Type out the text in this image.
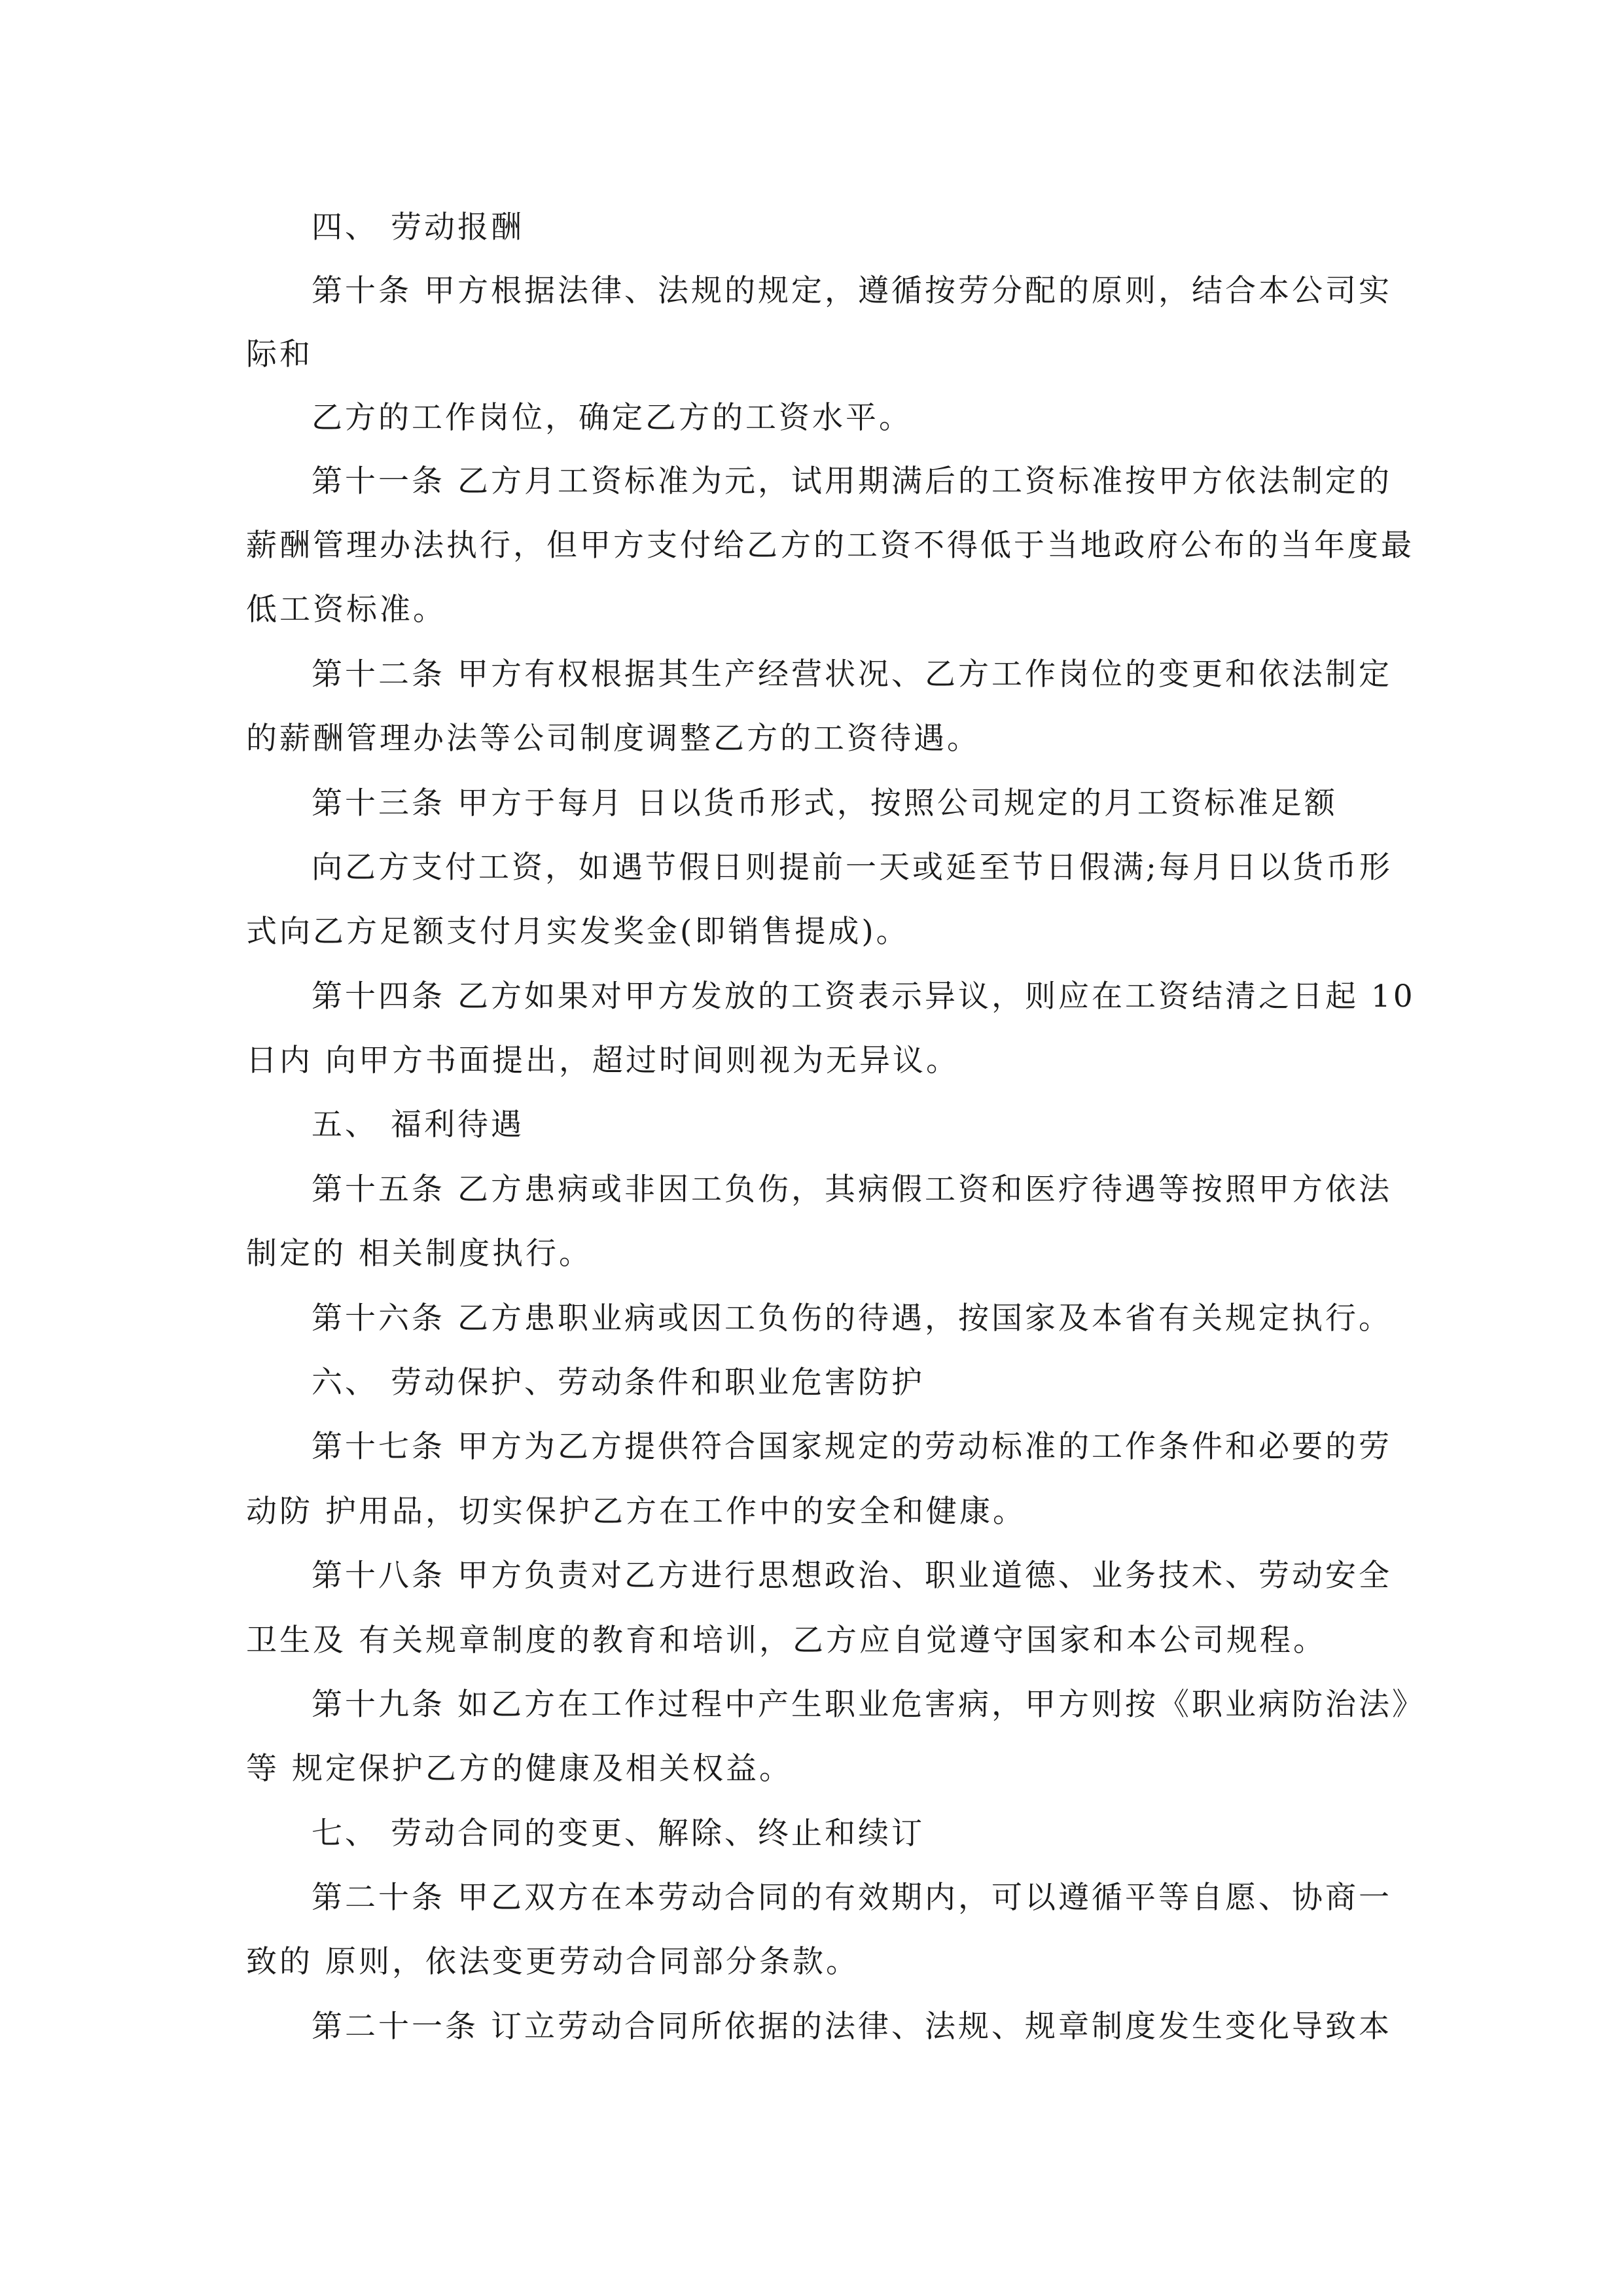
四、 劳动报酬
第十条 甲方根据法律、法规的规定，遵循按劳分配的原则，结合本公司实
际和
乙方的工作岗位，确定乙方的工资水平。
第十一条 乙方月工资标准为元，试用期满后的工资标准按甲方依法制定的
薪酬管理办法执行，但甲方支付给乙方的工资不得低于当地政府公布的当年度最
低工资标准。
第十二条 甲方有权根据其生产经营状况、乙方工作岗位的变更和依法制定
的薪酬管理办法等公司制度调整乙方的工资待遇。
第十三条 甲方于每月 日以货币形式，按照公司规定的月工资标准足额
向乙方支付工资，如遇节假日则提前一天或延至节日假满;每月日以货币形
式向乙方足额支付月实发奖金(即销售提成)。
第十四条 乙方如果对甲方发放的工资表示异议，则应在工资结清之日起 10
日内 向甲方书面提出，超过时间则视为无异议。
五、 福利待遇
第十五条 乙方患病或非因工负伤，其病假工资和医疗待遇等按照甲方依法
制定的 相关制度执行。
第十六条 乙方患职业病或因工负伤的待遇，按国家及本省有关规定执行。
六、 劳动保护、劳动条件和职业危害防护
第十七条 甲方为乙方提供符合国家规定的劳动标准的工作条件和必要的劳
动防 护用品，切实保护乙方在工作中的安全和健康。
第十八条 甲方负责对乙方进行思想政治、职业道德、业务技术、劳动安全
卫生及 有关规章制度的教育和培训，乙方应自觉遵守国家和本公司规程。
第十九条 如乙方在工作过程中产生职业危害病，甲方则按《职业病防治法》
等 规定保护乙方的健康及相关权益。
七、 劳动合同的变更、解除、终止和续订
第二十条 甲乙双方在本劳动合同的有效期内，可以遵循平等自愿、协商一
致的 原则，依法变更劳动合同部分条款。
第二十一条 订立劳动合同所依据的法律、法规、规章制度发生变化导致本
